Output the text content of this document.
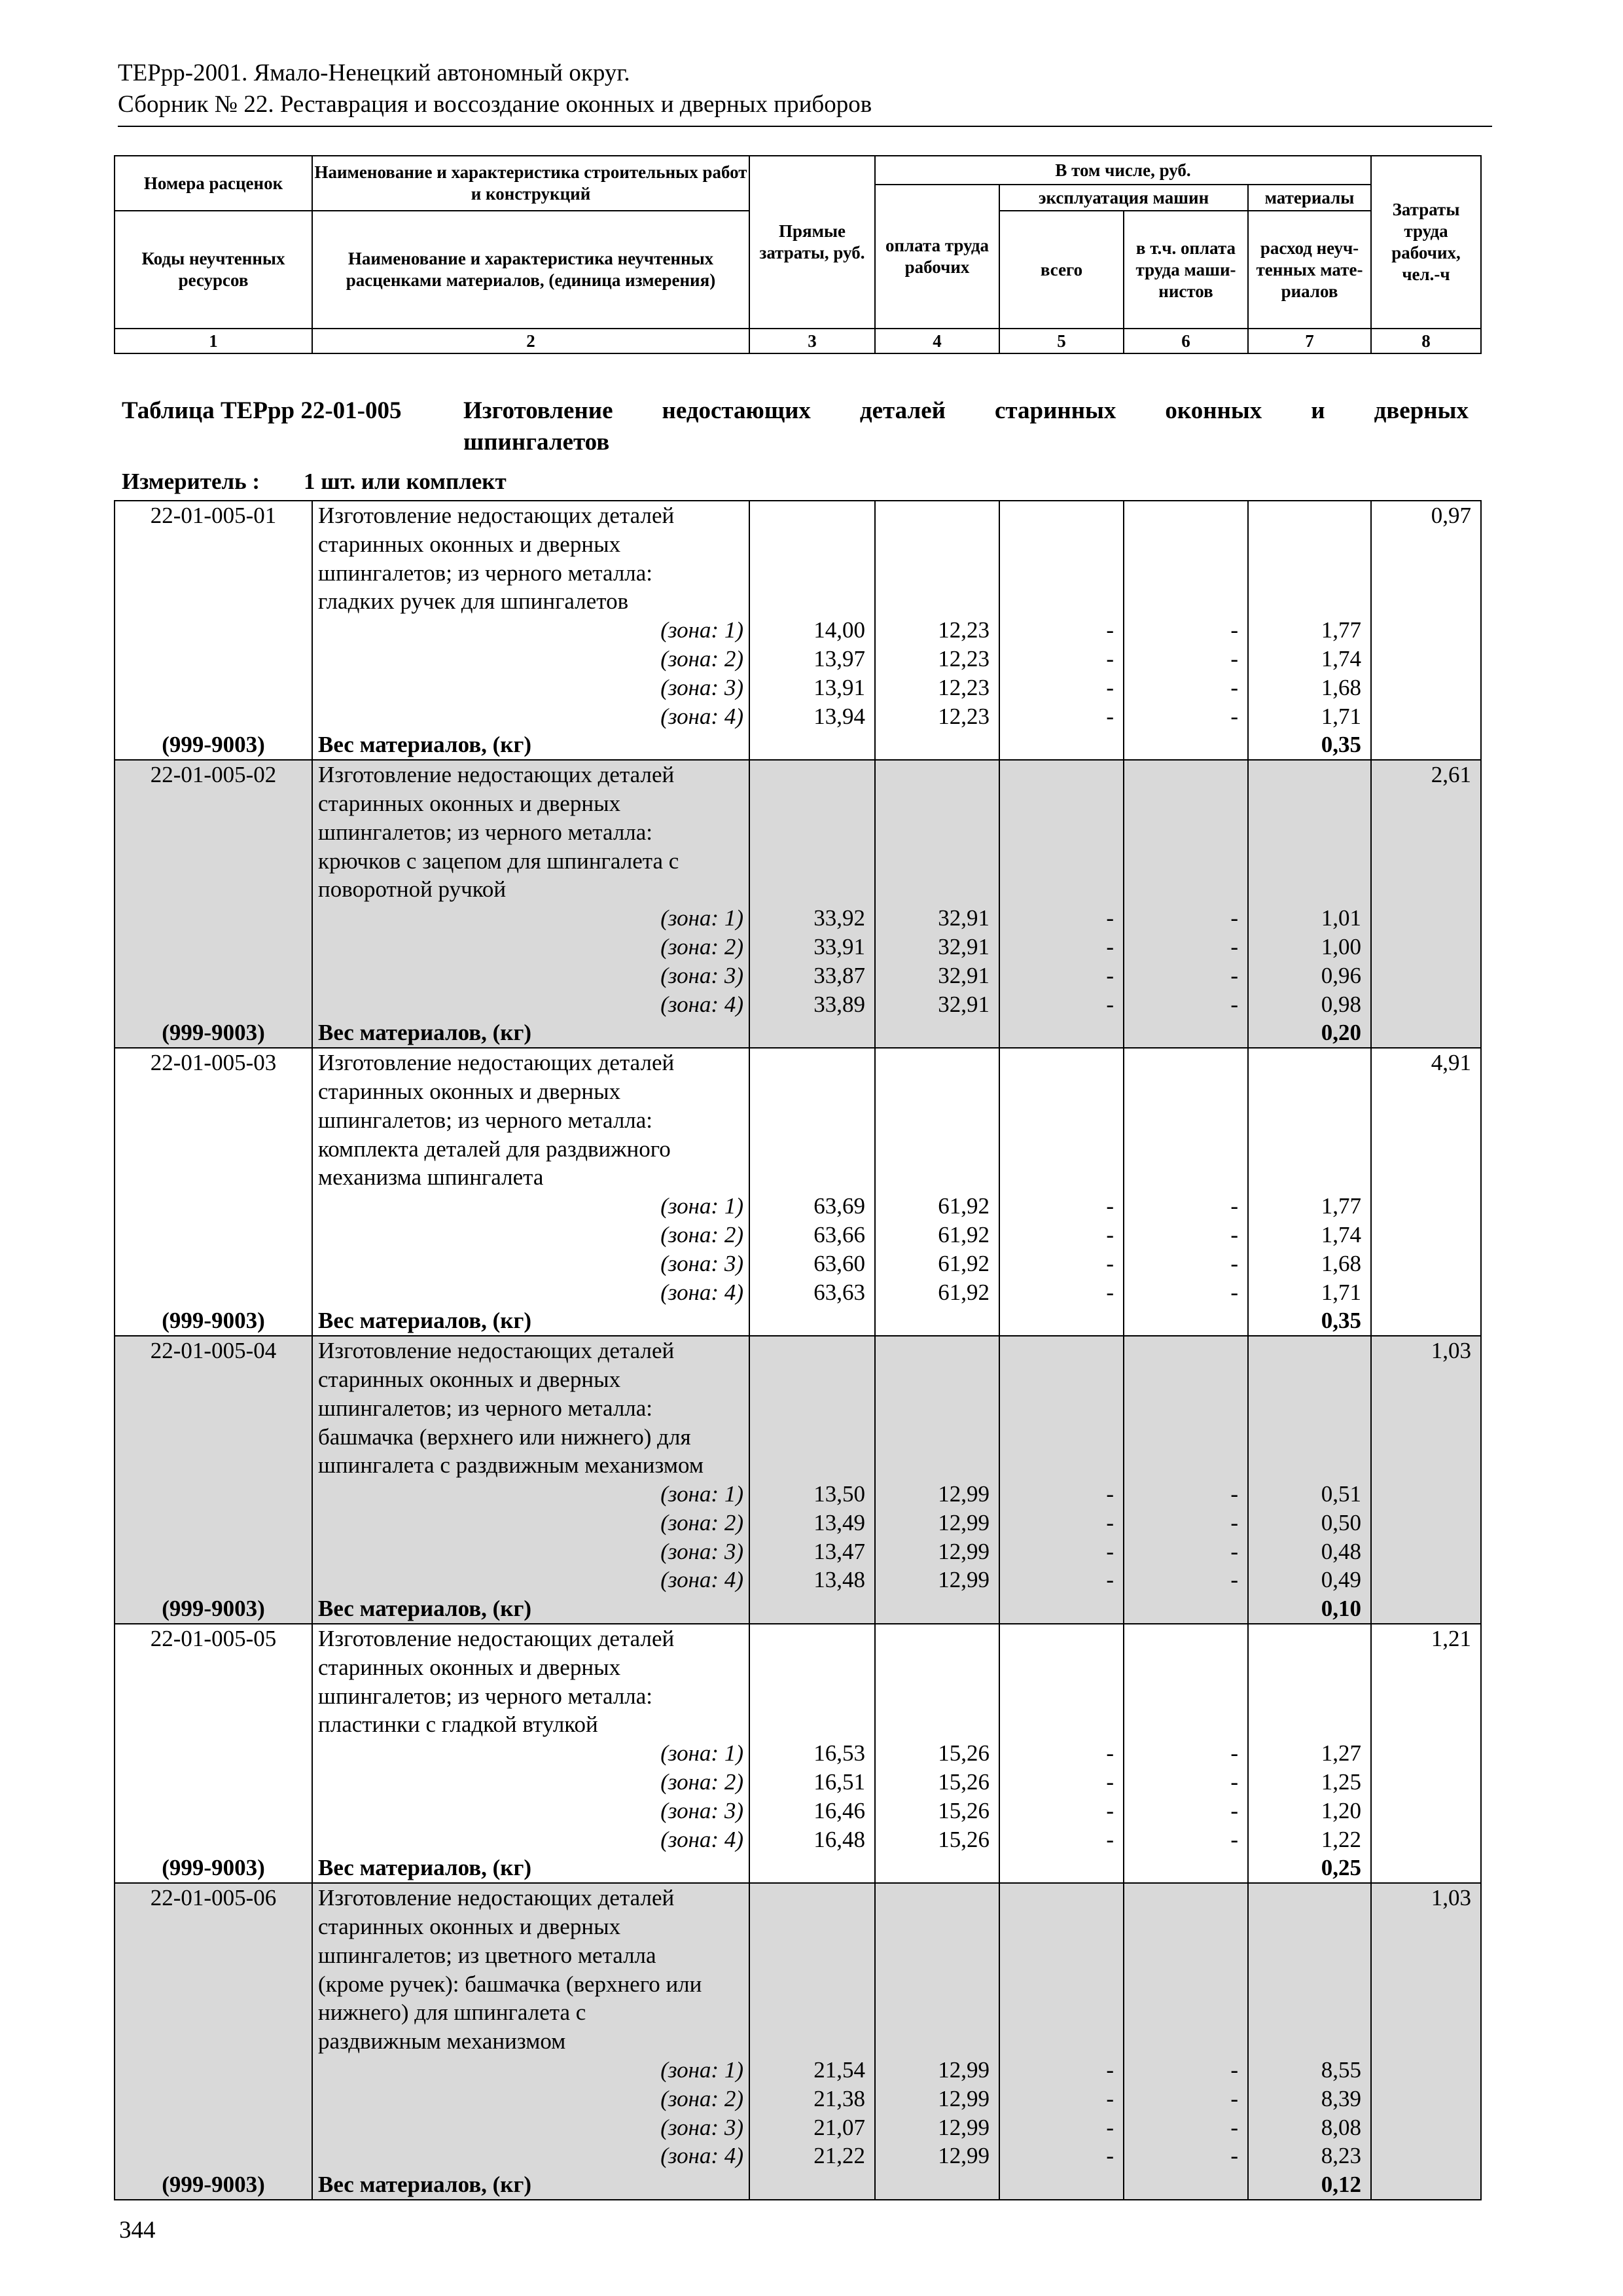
ТЕРрр-2001. Ямало-Ненецкий автономный округ.
Сборник № 22. Реставрация и воссоздание оконных и дверных приборов
Номера расценок	Наименование и характеристика строительных работ и конструкций	Прямые затраты, руб.	В том числе, руб.				Затраты труда рабочих, чел.-ч
			оплата труда рабочих	эксплуатация машин		материалы	
Коды неучтенных ресурсов	Наименование и характеристика неучтенных расценками материалов, (единица измерения)			всего	в т.ч. оплата труда маши-нистов	расход неуч-тенных мате-риалов	

1	2	3	4	5	6	7	8
Таблица ТЕРрр 22-01-005	Изготовление недостающих деталей старинных оконных и дверных
шпингалетов
Измеритель : 1 шт. или комплект
22-01-005-01	Изготовление недостающих деталей						0,97
	старинных оконных и дверных						
	шпингалетов; из черного металла:						
	гладких ручек для шпингалетов						
	(зона: 1)	14,00	12,23	-	-	1,77	
	(зона: 2)	13,97	12,23	-	-	1,74	
	(зона: 3)	13,91	12,23	-	-	1,68	
	(зона: 4)	13,94	12,23	-	-	1,71	
(999-9003)	Вес материалов, (кг)					0,35	
22-01-005-02	Изготовление недостающих деталей						2,61
	старинных оконных и дверных						
	шпингалетов; из черного металла:						
	крючков с зацепом для шпингалета с						
	поворотной ручкой						
	(зона: 1)	33,92	32,91	-	-	1,01	
	(зона: 2)	33,91	32,91	-	-	1,00	
	(зона: 3)	33,87	32,91	-	-	0,96	
	(зона: 4)	33,89	32,91	-	-	0,98	
(999-9003)	Вес материалов, (кг)					0,20	
22-01-005-03	Изготовление недостающих деталей						4,91
	старинных оконных и дверных						
	шпингалетов; из черного металла:						
	комплекта деталей для раздвижного						
	механизма шпингалета						
	(зона: 1)	63,69	61,92	-	-	1,77	
	(зона: 2)	63,66	61,92	-	-	1,74	
	(зона: 3)	63,60	61,92	-	-	1,68	
	(зона: 4)	63,63	61,92	-	-	1,71	
(999-9003)	Вес материалов, (кг)					0,35	
22-01-005-04	Изготовление недостающих деталей						1,03
	старинных оконных и дверных						
	шпингалетов; из черного металла:						
	башмачка (верхнего или нижнего) для						
	шпингалета с раздвижным механизмом						
	(зона: 1)	13,50	12,99	-	-	0,51	
	(зона: 2)	13,49	12,99	-	-	0,50	
	(зона: 3)	13,47	12,99	-	-	0,48	
	(зона: 4)	13,48	12,99	-	-	0,49	
(999-9003)	Вес материалов, (кг)					0,10	
22-01-005-05	Изготовление недостающих деталей						1,21
	старинных оконных и дверных						
	шпингалетов; из черного металла:						
	пластинки с гладкой втулкой						
	(зона: 1)	16,53	15,26	-	-	1,27	
	(зона: 2)	16,51	15,26	-	-	1,25	
	(зона: 3)	16,46	15,26	-	-	1,20	
	(зона: 4)	16,48	15,26	-	-	1,22	
(999-9003)	Вес материалов, (кг)					0,25	
22-01-005-06	Изготовление недостающих деталей						1,03
	старинных оконных и дверных						
	шпингалетов; из цветного металла						
	(кроме ручек): башмачка (верхнего или						
	нижнего) для шпингалета с						
	раздвижным механизмом						
	(зона: 1)	21,54	12,99	-	-	8,55	
	(зона: 2)	21,38	12,99	-	-	8,39	
	(зона: 3)	21,07	12,99	-	-	8,08	
	(зона: 4)	21,22	12,99	-	-	8,23	
(999-9003)	Вес материалов, (кг)					0,12	
344
